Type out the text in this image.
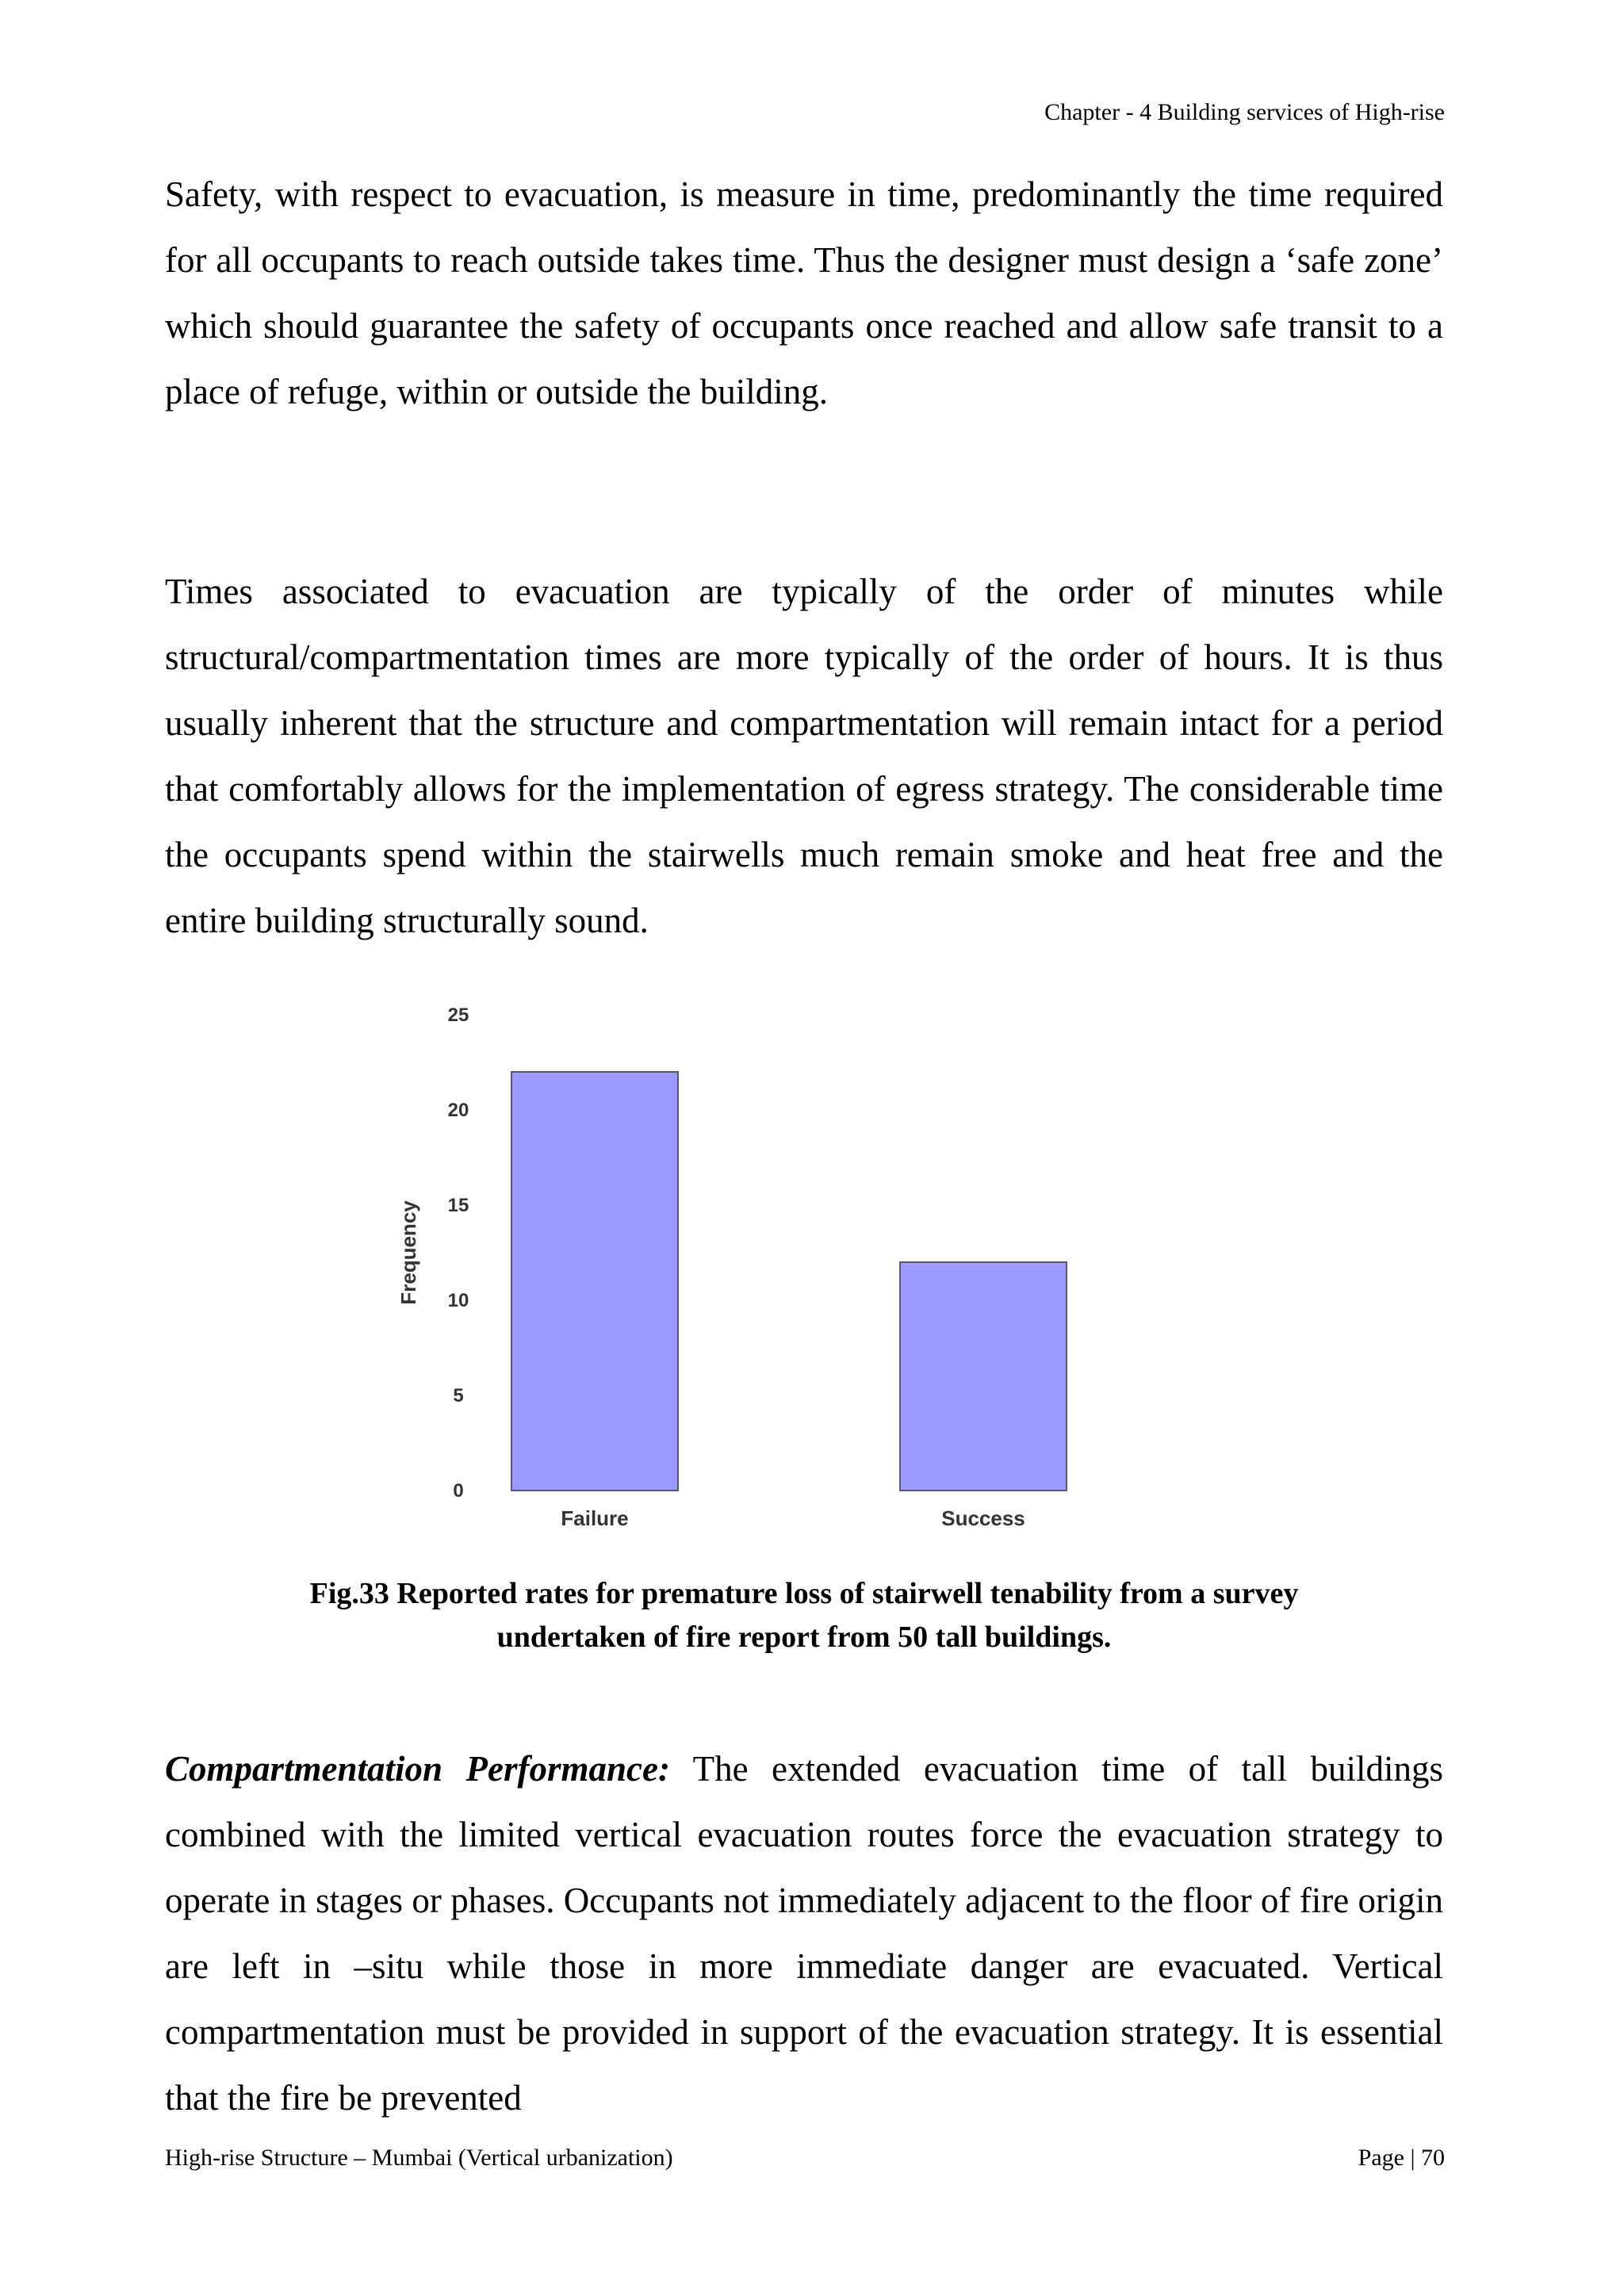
Chapter - 4 Building services of High-rise

Safety, with respect to evacuation, is measure in time, predominantly the time required for all occupants to reach outside takes time. Thus the designer must design a ‘safe zone’ which should guarantee the safety of occupants once reached and allow safe transit to a place of refuge, within or outside the building.

Times associated to evacuation are typically of the order of minutes while structural/compartmentation times are more typically of the order of hours. It is thus usually inherent that the structure and compartmentation will remain intact for a period that comfortably allows for the implementation of egress strategy. The considerable time the occupants spend within the stairwells much remain smoke and heat free and the entire building structurally sound.

0
5
10
15
20
25
Frequency
Failure	Success
Fig.33 Reported rates for premature loss of stairwell tenability from a survey
undertaken of fire report from 50 tall buildings.

Compartmentation Performance: The extended evacuation time of tall buildings combined with the limited vertical evacuation routes force the evacuation strategy to operate in stages or phases. Occupants not immediately adjacent to the floor of fire origin are left in –situ while those in more immediate danger are evacuated. Vertical compartmentation must be provided in support of the evacuation strategy. It is essential that the fire be prevented

High-rise Structure – Mumbai (Vertical urbanization)	Page | 70
